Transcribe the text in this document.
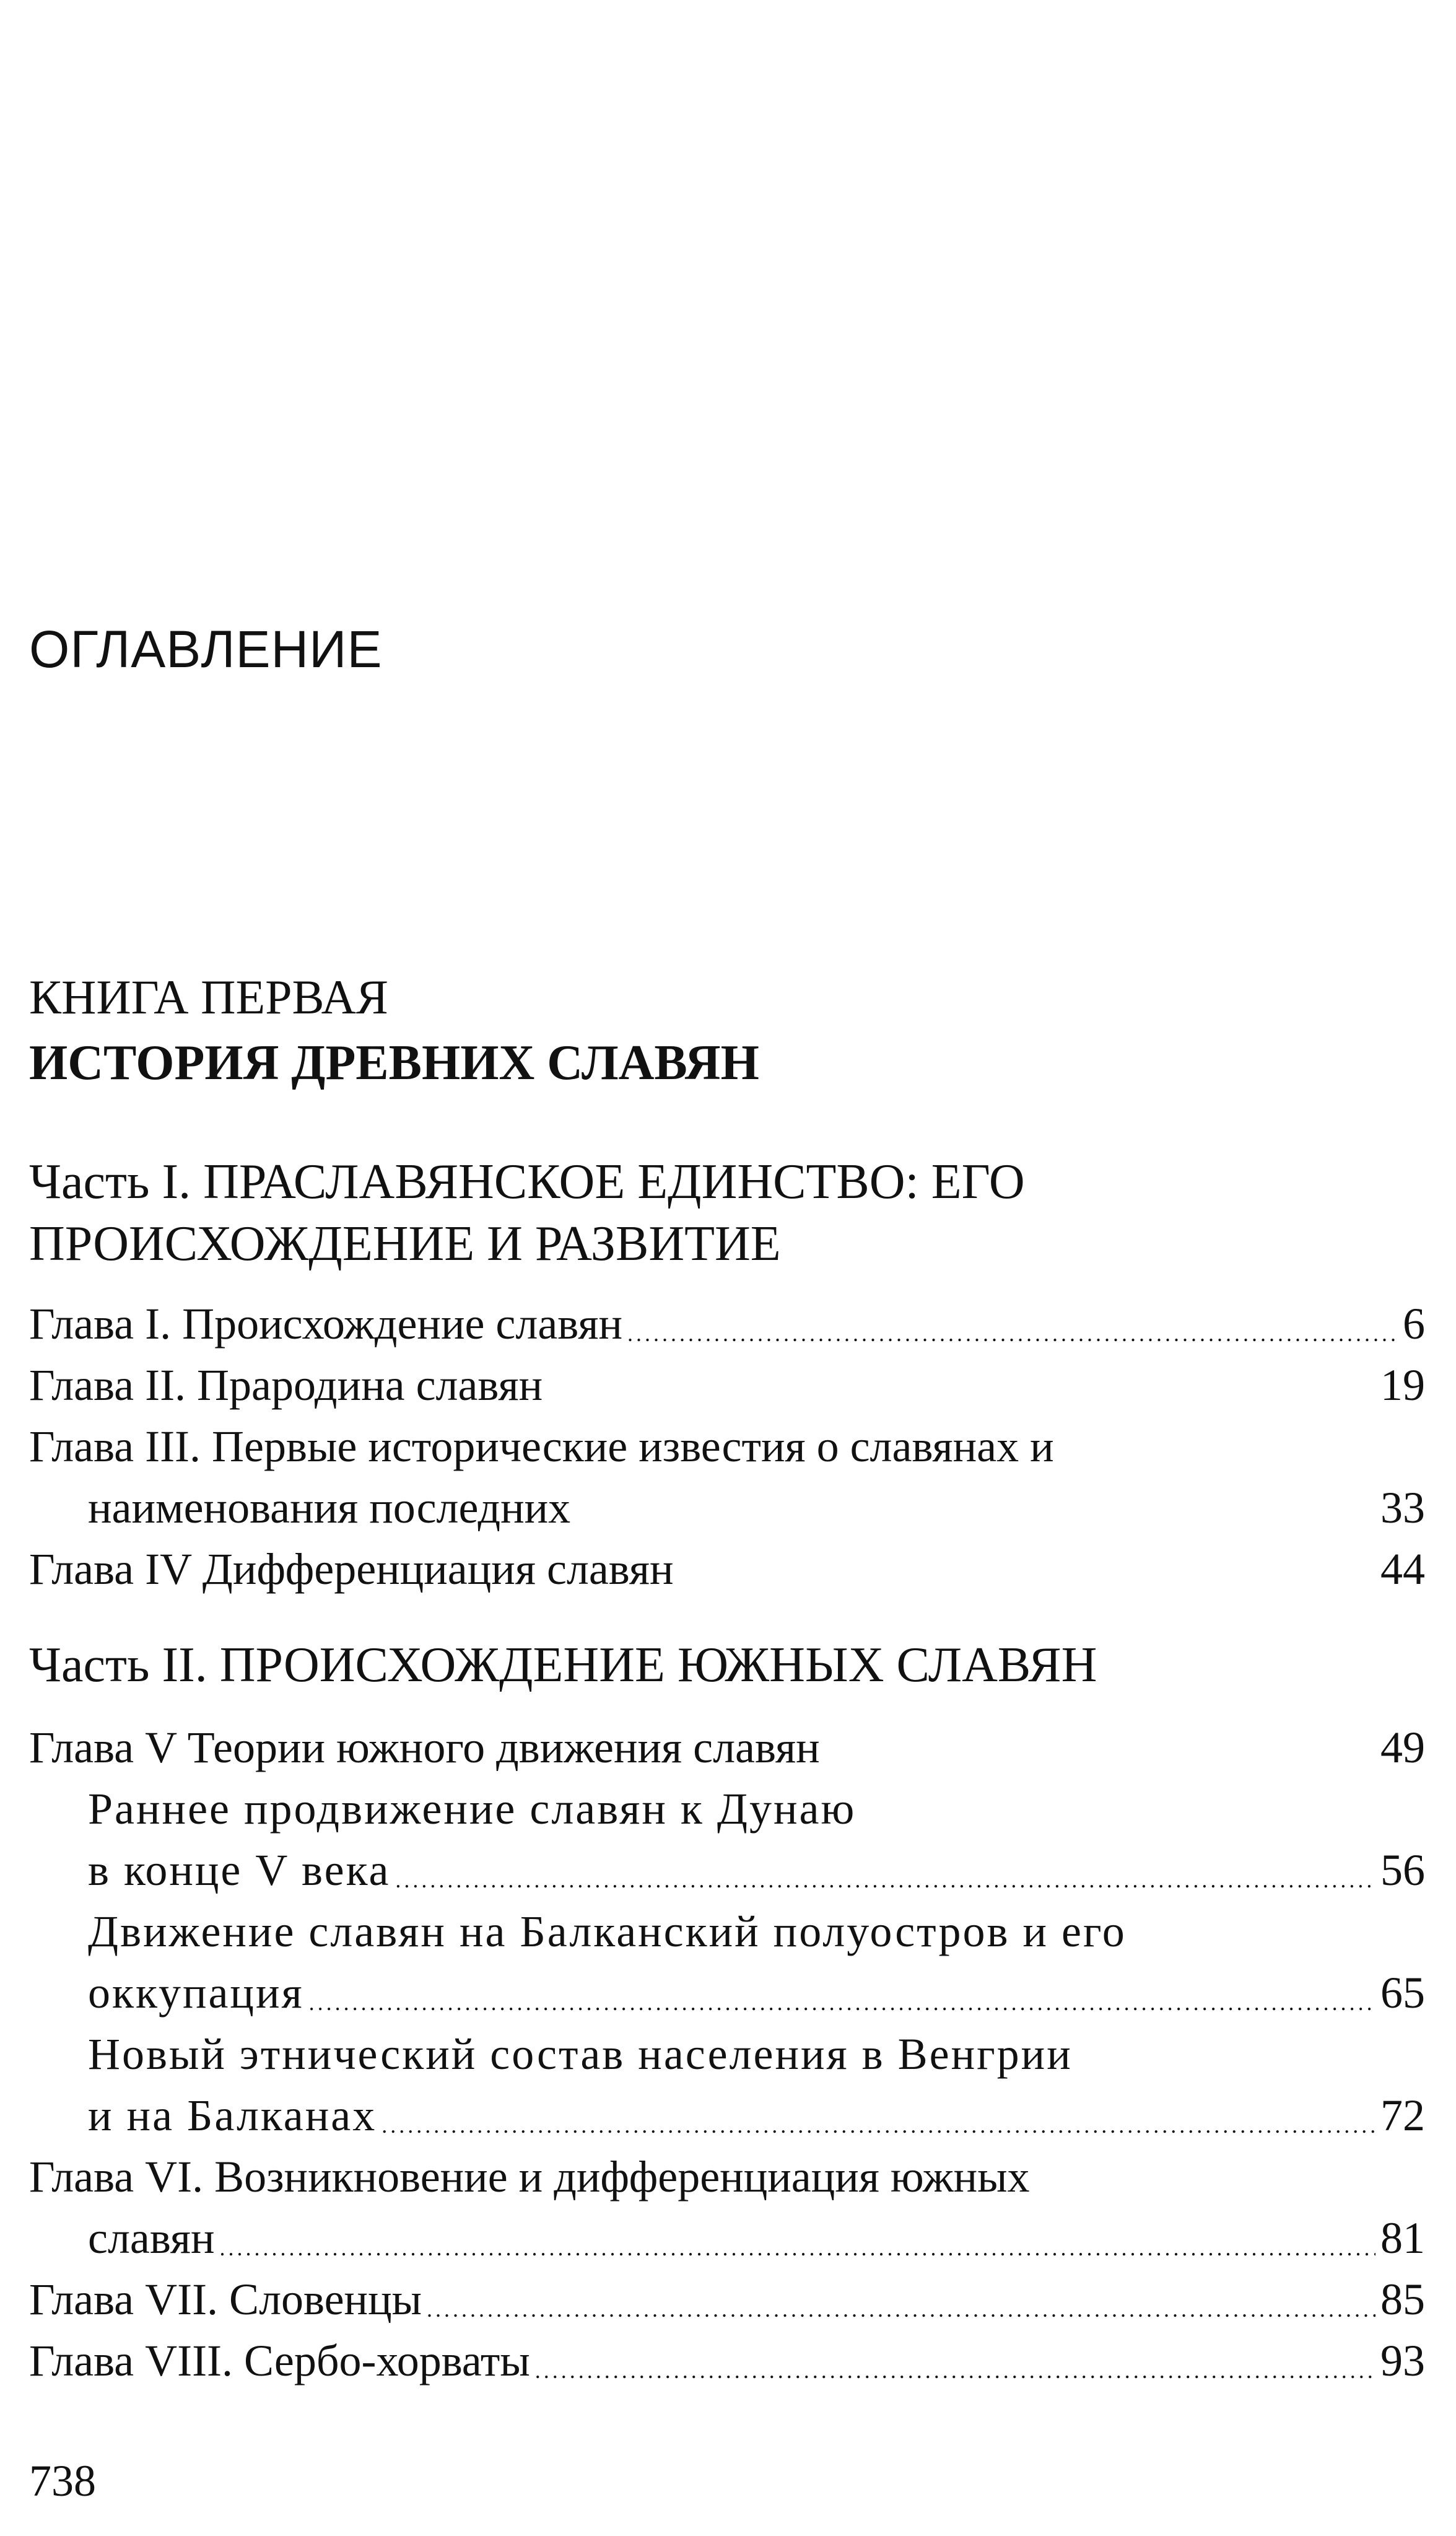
ОГЛАВЛЕНИЕ
КНИГА ПЕРВАЯ
ИСТОРИЯ ДРЕВНИХ СЛАВЯН
Часть I. ПРАСЛАВЯНСКОЕ ЕДИНСТВО: ЕГО
ПРОИСХОЖДЕНИЕ И РАЗВИТИЕ
Глава I. Происхождение славян . . .	6
Глава II. Прародина славян	19
Глава III. Первые исторические известия о славянах и
наименования последних	33
Глава IV Дифференциация славян	44
Часть II. ПРОИСХОЖДЕНИЕ ЮЖНЫХ СЛАВЯН
Глава V Теории южного движения славян	49
Раннее продвижение славян к Дунаю
в конце V века . . .	56
Движение славян на Балканский полуостров и его
оккупация . . .	65
Новый этнический состав населения в Венгрии
и на Балканах . . .	72
Глава VI. Возникновение и дифференциация южных
славян . . .	81
Глава VII. Словенцы . . .	85
Глава VIII. Сербо-хорваты . . .	93
738
